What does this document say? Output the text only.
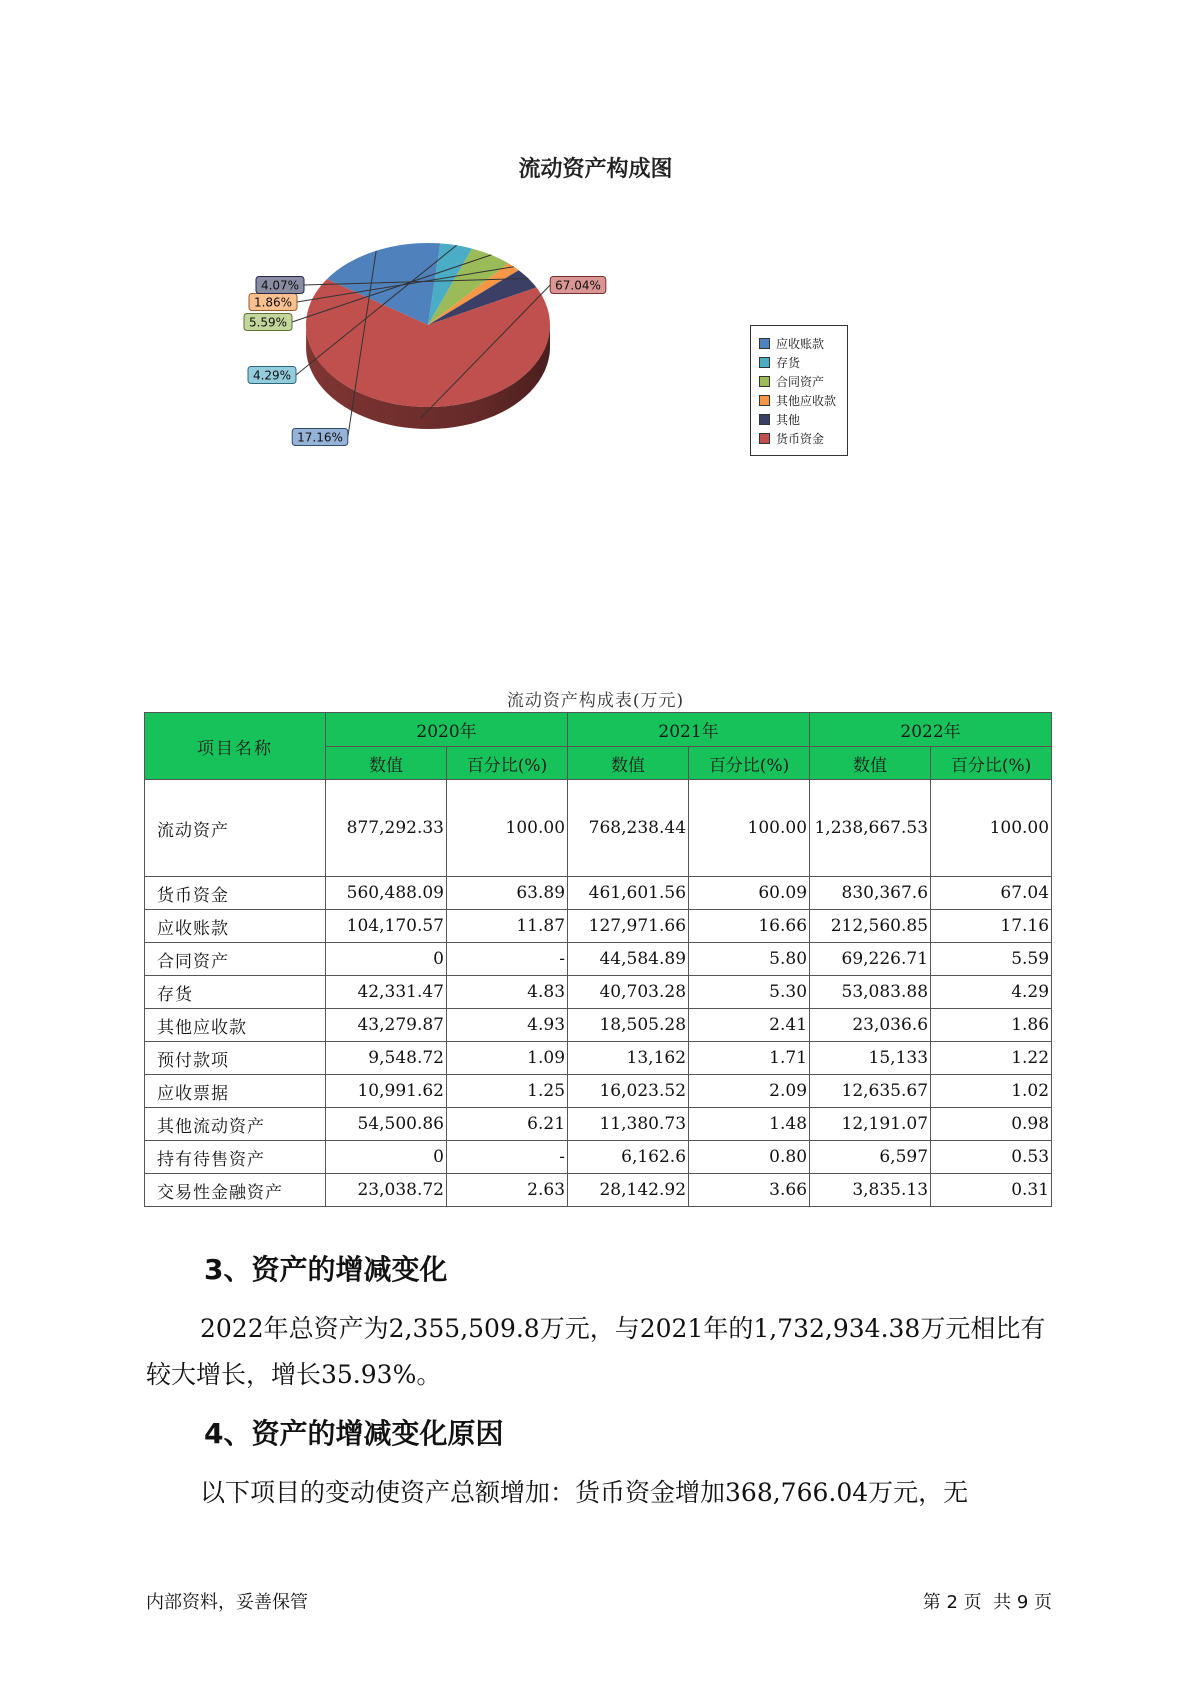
流动资产构成图
17.16%
4.29%
5.59%
1.86%
4.07%	67.04%
应收账款
存货
合同资产
其他应收款
其他
货币资金
流动资产构成表(万元)
项目名称	2020年		2021年		2022年	
	数值	百分比(%)	数值	百分比(%)	数值	百分比(%)
流动资产	877,292.33	100.00	768,238.44	100.00	1,238,667.53	100.00
货币资金	560,488.09	63.89	461,601.56	60.09	830,367.6	67.04
应收账款	104,170.57	11.87	127,971.66	16.66	212,560.85	17.16
合同资产	0	-	44,584.89	5.80	69,226.71	5.59
存货	42,331.47	4.83	40,703.28	5.30	53,083.88	4.29
其他应收款	43,279.87	4.93	18,505.28	2.41	23,036.6	1.86
预付款项	9,548.72	1.09	13,162	1.71	15,133	1.22
应收票据	10,991.62	1.25	16,023.52	2.09	12,635.67	1.02
其他流动资产	54,500.86	6.21	11,380.73	1.48	12,191.07	0.98
持有待售资产	0	-	6,162.6	0.80	6,597	0.53
交易性金融资产	23,038.72	2.63	28,142.92	3.66	3,835.13	0.31
3、资产的增减变化

2022年总资产为2,355,509.8万元，与2021年的1,732,934.38万元相比有较大增长，增长35.93%。

4、资产的增减变化原因

以下项目的变动使资产总额增加：货币资金增加368,766.04万元，无

内部资料，妥善保管	第 2 页  共 9 页
